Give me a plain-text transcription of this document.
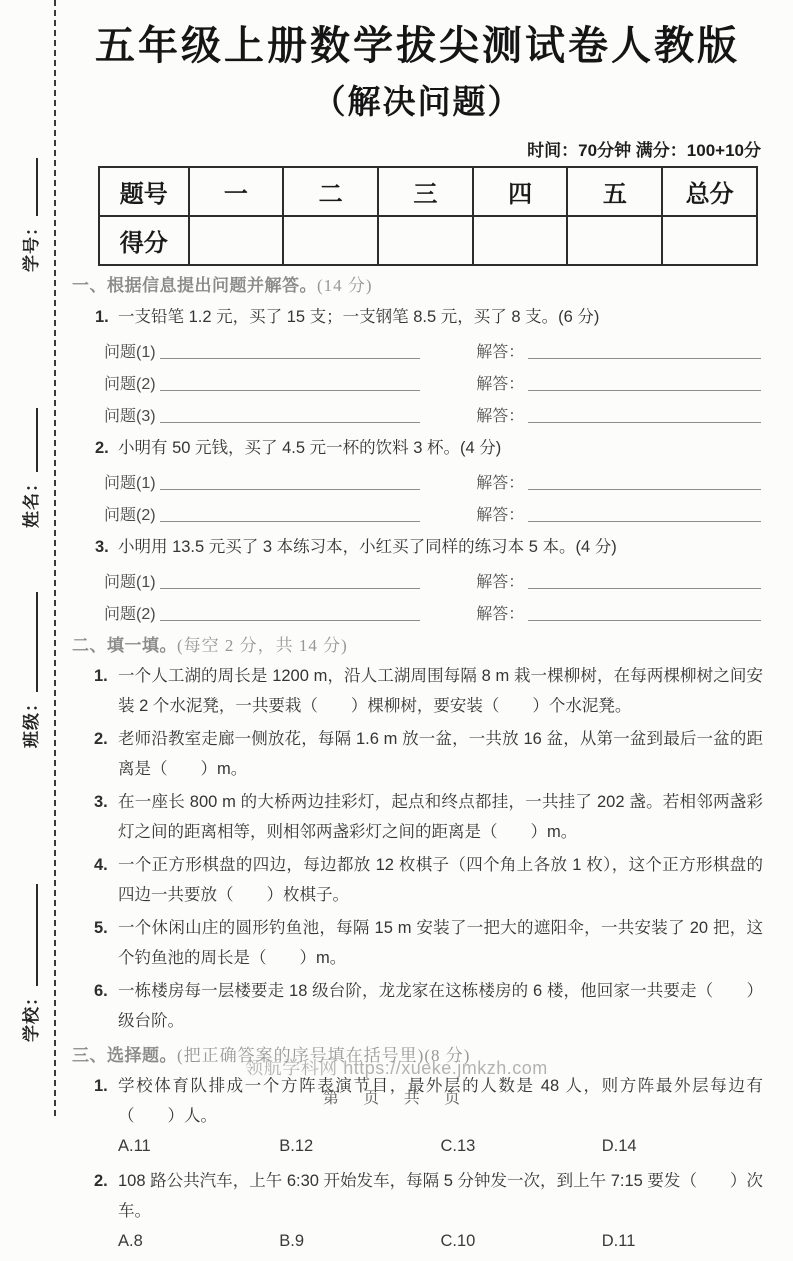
学号：
姓名：
班级：
学校：
五年级上册数学拔尖测试卷人教版
（解决问题）
时间：70分钟 满分：100+10分
题号	一	二	三	四	五	总分
得分						
一、根据信息提出问题并解答。(14 分)
1. 一支铅笔 1.2 元，买了 15 支；一支钢笔 8.5 元，买了 8 支。(6 分)
问题(1)	解答：
问题(2)	解答：
问题(3)	解答：
2. 小明有 50 元钱，买了 4.5 元一杯的饮料 3 杯。(4 分)
问题(1)	解答：
问题(2)	解答：
3. 小明用 13.5 元买了 3 本练习本，小红买了同样的练习本 5 本。(4 分)
问题(1)	解答：
问题(2)	解答：
二、填一填。(每空 2 分，共 14 分)

1. 一个人工湖的周长是 1200 m，沿人工湖周围每隔 8 m 栽一棵柳树，在每两棵柳树之间安装 2 个水泥凳，一共要栽（　　）棵柳树，要安装（　　）个水泥凳。

2. 老师沿教室走廊一侧放花，每隔 1.6 m 放一盆，一共放 16 盆，从第一盆到最后一盆的距离是（　　）m。

3. 在一座长 800 m 的大桥两边挂彩灯，起点和终点都挂，一共挂了 202 盏。若相邻两盏彩灯之间的距离相等，则相邻两盏彩灯之间的距离是（　　）m。

4. 一个正方形棋盘的四边，每边都放 12 枚棋子（四个角上各放 1 枚），这个正方形棋盘的四边一共要放（　　）枚棋子。

5. 一个休闲山庄的圆形钓鱼池，每隔 15 m 安装了一把大的遮阳伞，一共安装了 20 把，这个钓鱼池的周长是（　　）m。

6. 一栋楼房每一层楼要走 18 级台阶，龙龙家在这栋楼房的 6 楼，他回家一共要走（　　）级台阶。

三、选择题。(把正确答案的序号填在括号里)(8 分)

1. 学校体育队排成一个方阵表演节目，最外层的人数是 48 人，则方阵最外层每边有（　　）人。

A.11	B.12	C.13	D.14

2. 108 路公共汽车，上午 6:30 开始发车，每隔 5 分钟发一次，到上午 7:15 要发（　　）次车。

A.8	B.9	C.10	D.11
领航学科网 https://xueke.jmkzh.com
第 页 共 页
